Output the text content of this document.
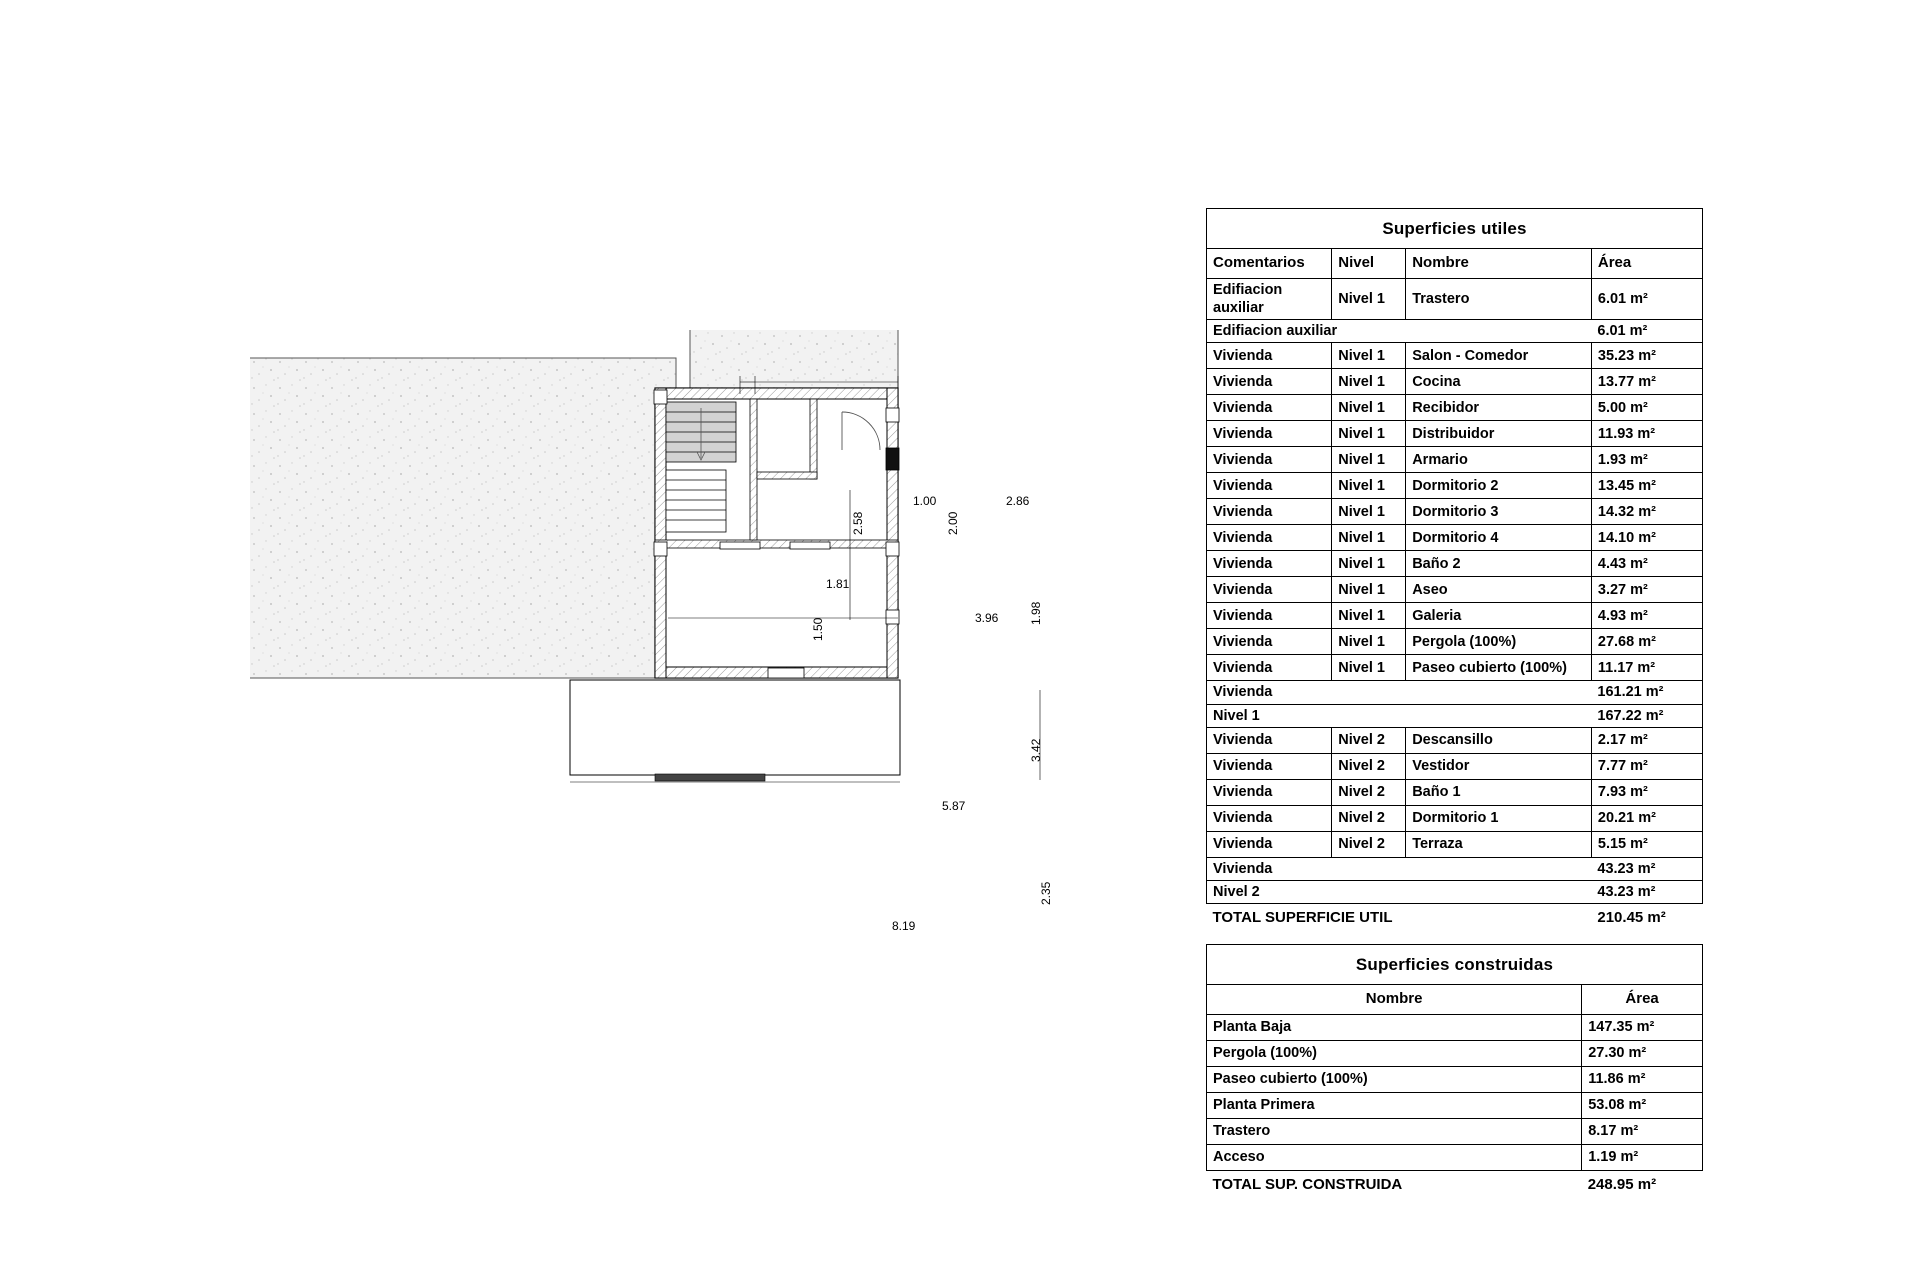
1.00	2.86
2.58	2.00
1.81
3.96	1.98
1.50
3.42
5.87
2.35
8.19
Superficies utiles			
Comentarios	Nivel	Nombre	Área
Edifiacion auxiliar	Nivel 1	Trastero	6.01 m²
Edifiacion auxiliar			6.01 m²
Vivienda	Nivel 1	Salon - Comedor	35.23 m²
Vivienda	Nivel 1	Cocina	13.77 m²
Vivienda	Nivel 1	Recibidor	5.00 m²
Vivienda	Nivel 1	Distribuidor	11.93 m²
Vivienda	Nivel 1	Armario	1.93 m²
Vivienda	Nivel 1	Dormitorio 2	13.45 m²
Vivienda	Nivel 1	Dormitorio 3	14.32 m²
Vivienda	Nivel 1	Dormitorio 4	14.10 m²
Vivienda	Nivel 1	Baño 2	4.43 m²
Vivienda	Nivel 1	Aseo	3.27 m²
Vivienda	Nivel 1	Galeria	4.93 m²
Vivienda	Nivel 1	Pergola (100%)	27.68 m²
Vivienda	Nivel 1	Paseo cubierto (100%)	11.17 m²
Vivienda			161.21 m²
Nivel 1			167.22 m²
Vivienda	Nivel 2	Descansillo	2.17 m²
Vivienda	Nivel 2	Vestidor	7.77 m²
Vivienda	Nivel 2	Baño 1	7.93 m²
Vivienda	Nivel 2	Dormitorio 1	20.21 m²
Vivienda	Nivel 2	Terraza	5.15 m²
Vivienda			43.23 m²
Nivel 2			43.23 m²
TOTAL SUPERFICIE UTIL			210.45 m²
Superficies construidas	
Nombre	Área
Planta Baja	147.35 m²
Pergola (100%)	27.30 m²
Paseo cubierto (100%)	11.86 m²
Planta Primera	53.08 m²
Trastero	8.17 m²
Acceso	1.19 m²
TOTAL SUP. CONSTRUIDA	248.95 m²
